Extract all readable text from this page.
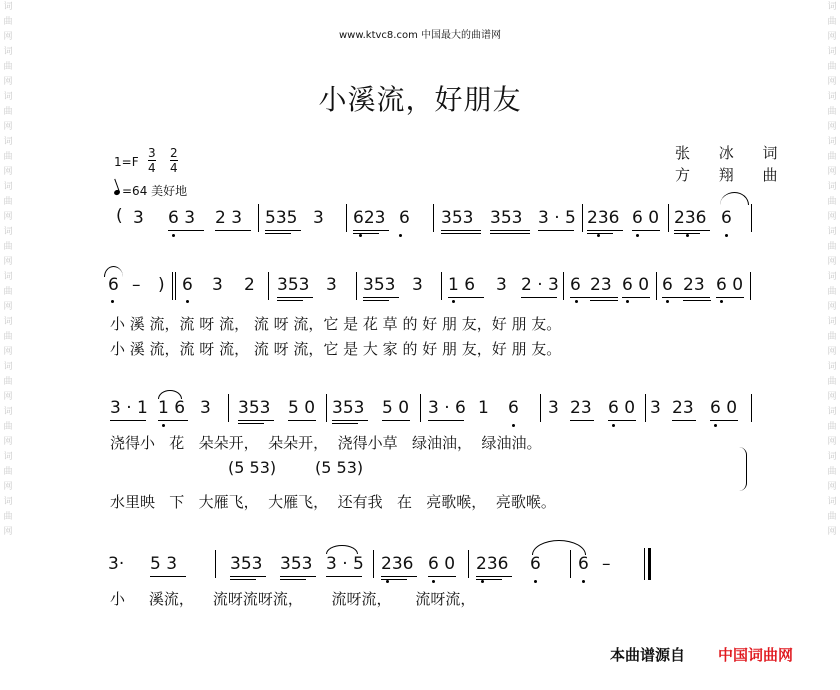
词
曲
网
词
曲
网
词
曲
网
词
曲
网
词
曲
网
词
曲
网
词
曲
网
词
曲
网
词
曲
网
词
曲
网
词
曲
网
词
曲
网
词
曲
网
词
曲
网
词
曲
网
词
曲
网
词
曲
网
词
曲
网
词
曲
网
词
曲
网
词
曲
网
词
曲
网
词
曲
网
词
曲
网
www.ktvc8.com 中国最大的曲谱网
小溪流，好朋友
1=F
3
4
2
4
=64 美好地
张 冰 词
方 翔 曲
( 3 6 3 2 3 535 3 623 6 353 353 3 · 5 236 6 0 236 6
6 – ) 6 3 2 353 3 353 3 1 6 3 2 · 3 6 23 6 0 6 23 6 0
小 溪 流，流 呀 流， 流 呀 流，它 是 花 草 的 好 朋 友，好 朋 友。
小 溪 流，流 呀 流， 流 呀 流，它 是 大 家 的 好 朋 友，好 朋 友。
3 · 1 1 6 3 353 5 0 353 5 0 3 · 6 1 6 3 23 6 0 3 23 6 0
浇得小   花   朵朵开，  朵朵开，  浇得小草   绿油油，  绿油油。
(5 53) (5 53)
水里映   下   大雁飞，  大雁飞，  还有我   在   亮歌喉，  亮歌喉。
3· 5 3	353 353 3 · 5 236 6 0 236 6 6 –
小     溪流，    流呀流呀流，      流呀流，     流呀流，
本曲谱源自 中国词曲网
